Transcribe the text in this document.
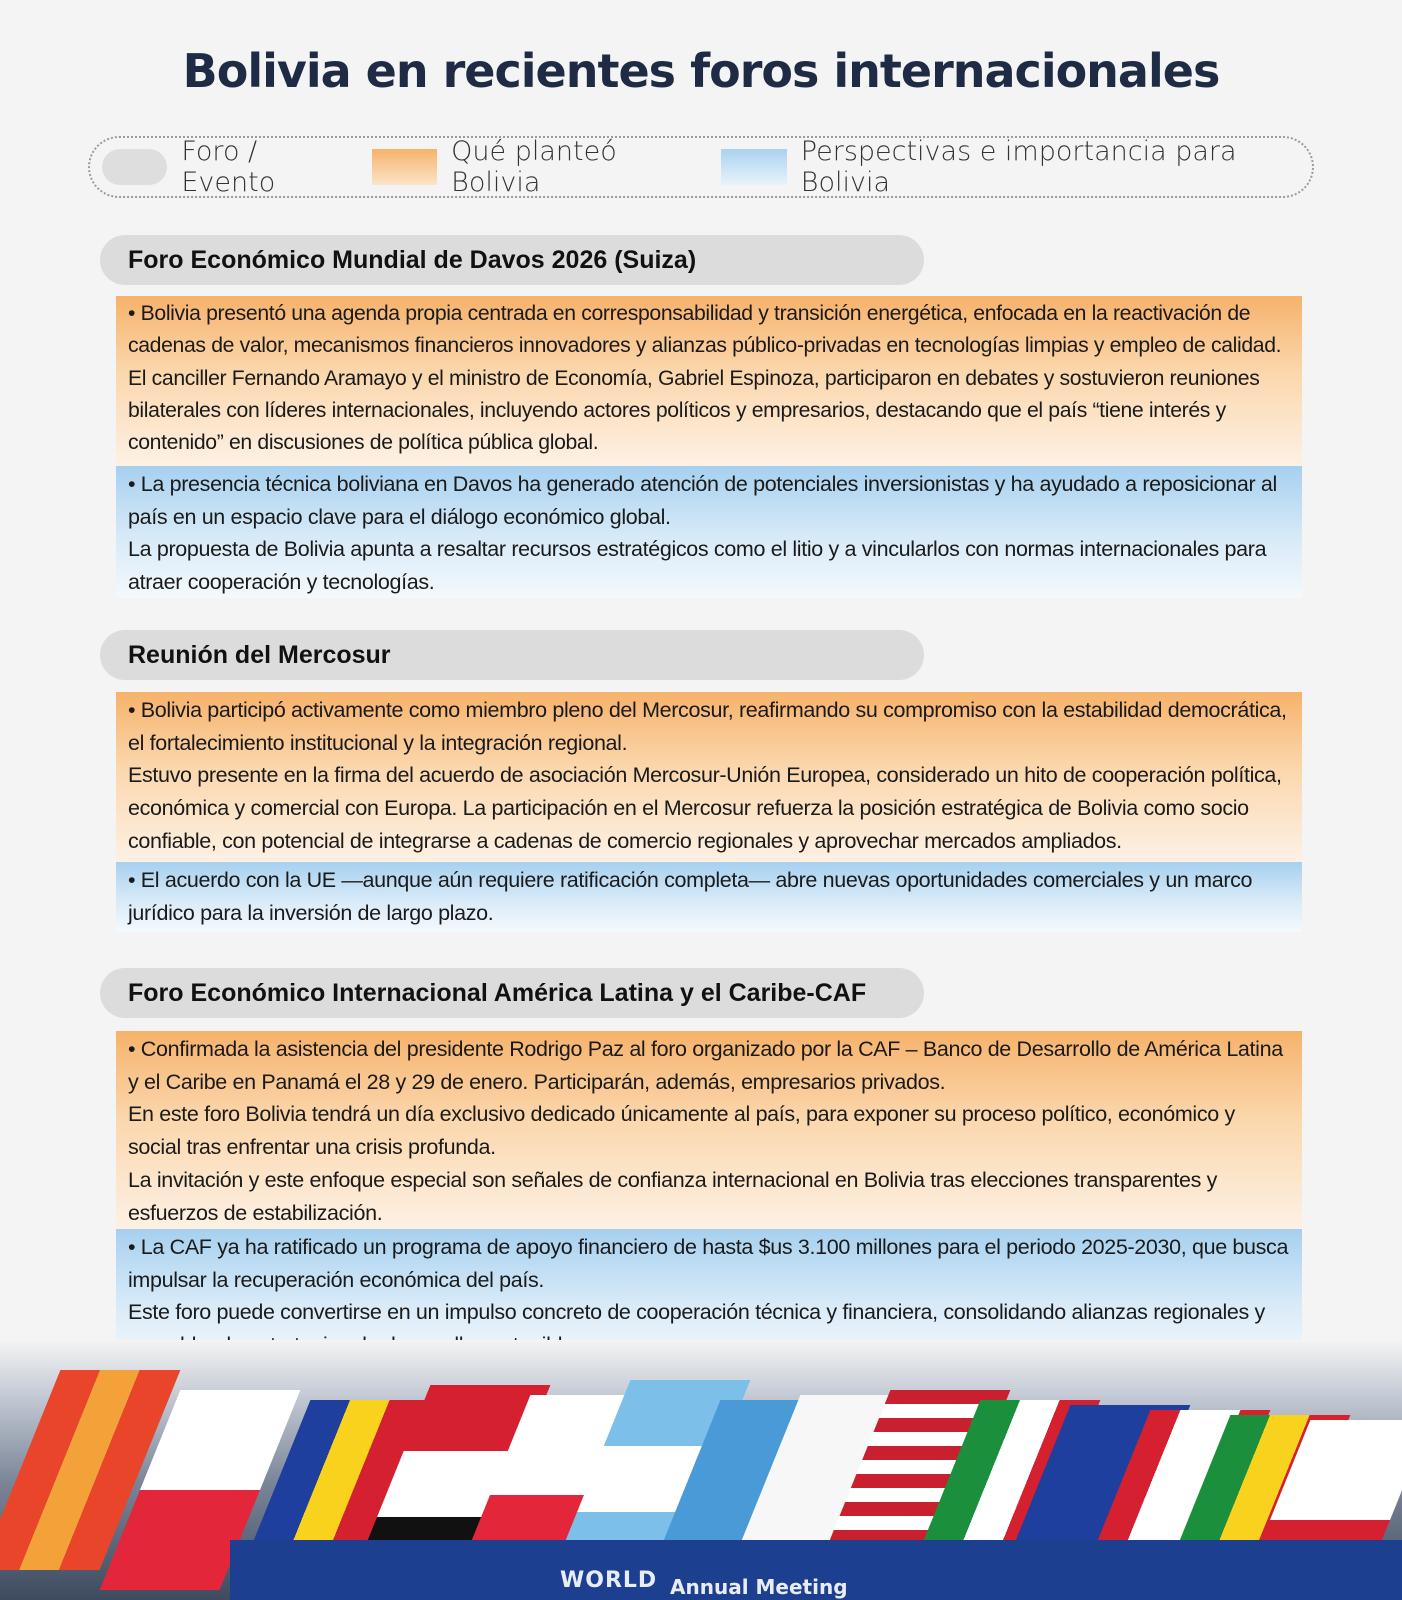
Bolivia en recientes foros internacionales
Foro / Evento
Qué planteó Bolivia
Perspectivas e importancia para Bolivia
Foro Económico Mundial de Davos 2026 (Suiza)

• Bolivia presentó una agenda propia centrada en corresponsabilidad y transición energética, enfocada en la reactivación de cadenas de valor, mecanismos financieros innovadores y alianzas público-privadas en tecnologías limpias y empleo de calidad.

El canciller Fernando Aramayo y el ministro de Economía, Gabriel Espinoza, participaron en debates y sostuvieron reuniones bilaterales con líderes internacionales, incluyendo actores políticos y empresarios, destacando que el país “tiene interés y contenido” en discusiones de política pública global.

• La presencia técnica boliviana en Davos ha generado atención de potenciales inversionistas y ha ayudado a reposicionar al país en un espacio clave para el diálogo económico global.

La propuesta de Bolivia apunta a resaltar recursos estratégicos como el litio y a vincularlos con normas internacionales para atraer cooperación y tecnologías.

Reunión del Mercosur

• Bolivia participó activamente como miembro pleno del Mercosur, reafirmando su compromiso con la estabilidad democrática, el fortalecimiento institucional y la integración regional.

Estuvo presente en la firma del acuerdo de asociación Mercosur-Unión Europea, considerado un hito de cooperación política, económica y comercial con Europa. La participación en el Mercosur refuerza la posición estratégica de Bolivia como socio confiable, con potencial de integrarse a cadenas de comercio regionales y aprovechar mercados ampliados.

• El acuerdo con la UE —aunque aún requiere ratificación completa— abre nuevas oportunidades comerciales y un marco jurídico para la inversión de largo plazo.

Foro Económico Internacional América Latina y el Caribe-CAF

• Confirmada la asistencia del presidente Rodrigo Paz al foro organizado por la CAF – Banco de Desarrollo de América Latina y el Caribe en Panamá el 28 y 29 de enero. Participarán, además, empresarios privados.

En este foro Bolivia tendrá un día exclusivo dedicado únicamente al país, para exponer su proceso político, económico y social tras enfrentar una crisis profunda.

La invitación y este enfoque especial son señales de confianza internacional en Bolivia tras elecciones transparentes y esfuerzos de estabilización.

• La CAF ya ha ratificado un programa de apoyo financiero de hasta $us 3.100 millones para el periodo 2025-2030, que busca impulsar la recuperación económica del país.

Este foro puede convertirse en un impulso concreto de cooperación técnica y financiera, consolidando alianzas regionales y

WORLD Annual Meeting
